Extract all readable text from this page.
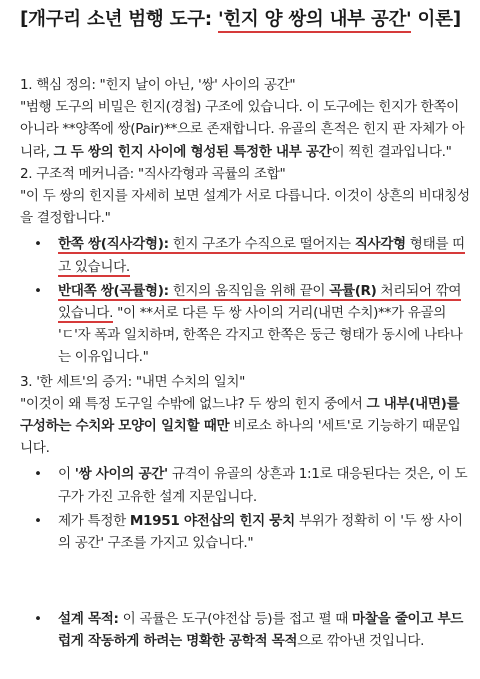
[개구리 소년 범행 도구: '힌지 양 쌍의 내부 공간' 이론]

1. 핵심 정의: "힌지 날이 아닌, '쌍' 사이의 공간"

"범행 도구의 비밀은 힌지(경첩) 구조에 있습니다. 이 도구에는 힌지가 한쪽이 아니라 **양쪽에 쌍(Pair)**으로 존재합니다. 유골의 흔적은 힌지 판 자체가 아니라, 그 두 쌍의 힌지 사이에 형성된 특정한 내부 공간이 찍힌 결과입니다."

2. 구조적 메커니즘: "직사각형과 곡률의 조합"

"이 두 쌍의 힌지를 자세히 보면 설계가 서로 다릅니다. 이것이 상흔의 비대칭성을 결정합니다."

• 한쪽 쌍(직사각형): 힌지 구조가 수직으로 떨어지는 직사각형 형태를 띠고 있습니다.
• 반대쪽 쌍(곡률형): 힌지의 움직임을 위해 끝이 곡률(R) 처리되어 깎여 있습니다. "이 **서로 다른 두 쌍 사이의 거리(내면 수치)**가 유골의 'ㄷ'자 폭과 일치하며, 한쪽은 각지고 한쪽은 둥근 형태가 동시에 나타나는 이유입니다."

3. '한 세트'의 증거: "내면 수치의 일치"

"이것이 왜 특정 도구일 수밖에 없느냐? 두 쌍의 힌지 중에서 그 내부(내면)를 구성하는 수치와 모양이 일치할 때만 비로소 하나의 '세트'로 기능하기 때문입니다.

• 이 '쌍 사이의 공간' 규격이 유골의 상흔과 1:1로 대응된다는 것은, 이 도구가 가진 고유한 설계 지문입니다.
• 제가 특정한 M1951 야전삽의 힌지 뭉치 부위가 정확히 이 '두 쌍 사이의 공간' 구조를 가지고 있습니다."
• 설계 목적: 이 곡률은 도구(야전삽 등)를 접고 펼 때 마찰을 줄이고 부드럽게 작동하게 하려는 명확한 공학적 목적으로 깎아낸 것입니다.
